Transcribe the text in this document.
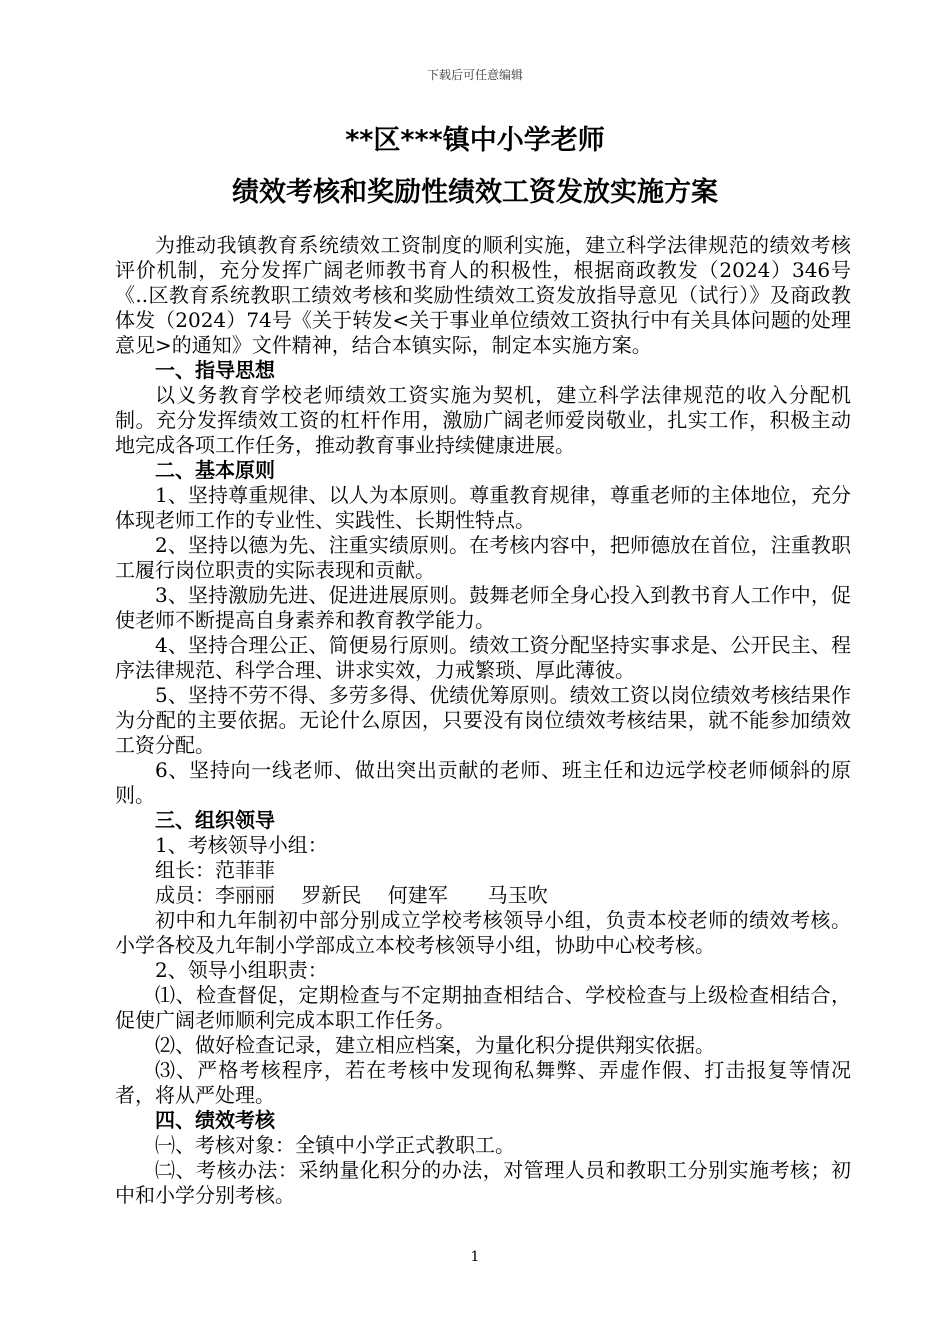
下载后可任意编辑
**区***镇中小学老师
绩效考核和奖励性绩效工资发放实施方案

为推动我镇教育系统绩效工资制度的顺利实施，建立科学法律规范的绩效考核评价机制，充分发挥广阔老师教书育人的积极性，根据商政教发（2024）346号《..区教育系统教职工绩效考核和奖励性绩效工资发放指导意见（试行）》及商政教体发（2024）74号《关于转发<关于事业单位绩效工资执行中有关具体问题的处理意见>的通知》文件精神，结合本镇实际，制定本实施方案。

一、指导思想

以义务教育学校老师绩效工资实施为契机，建立科学法律规范的收入分配机制。充分发挥绩效工资的杠杆作用，激励广阔老师爱岗敬业，扎实工作，积极主动地完成各项工作任务，推动教育事业持续健康进展。

二、基本原则

1、坚持尊重规律、以人为本原则。尊重教育规律，尊重老师的主体地位，充分体现老师工作的专业性、实践性、长期性特点。

2、坚持以德为先、注重实绩原则。在考核内容中，把师德放在首位，注重教职工履行岗位职责的实际表现和贡献。

3、坚持激励先进、促进进展原则。鼓舞老师全身心投入到教书育人工作中，促使老师不断提高自身素养和教育教学能力。

4、坚持合理公正、简便易行原则。绩效工资分配坚持实事求是、公开民主、程序法律规范、科学合理、讲求实效，力戒繁琐、厚此薄彼。

5、坚持不劳不得、多劳多得、优绩优筹原则。绩效工资以岗位绩效考核结果作为分配的主要依据。无论什么原因，只要没有岗位绩效考核结果，就不能参加绩效工资分配。

6、坚持向一线老师、做出突出贡献的老师、班主任和边远学校老师倾斜的原则。

三、组织领导

1、考核领导小组：

组长：范菲菲

成员：李丽丽　 罗新民　 何建军　　马玉吹

初中和九年制初中部分别成立学校考核领导小组，负责本校老师的绩效考核。小学各校及九年制小学部成立本校考核领导小组，协助中心校考核。

2、领导小组职责：

⑴、检查督促，定期检查与不定期抽查相结合、学校检查与上级检查相结合，促使广阔老师顺利完成本职工作任务。

⑵、做好检查记录，建立相应档案，为量化积分提供翔实依据。

⑶、严格考核程序，若在考核中发现徇私舞弊、弄虚作假、打击报复等情况者，将从严处理。

四、绩效考核

㈠、考核对象：全镇中小学正式教职工。

㈡、考核办法：采纳量化积分的办法，对管理人员和教职工分别实施考核；初中和小学分别考核。

1
